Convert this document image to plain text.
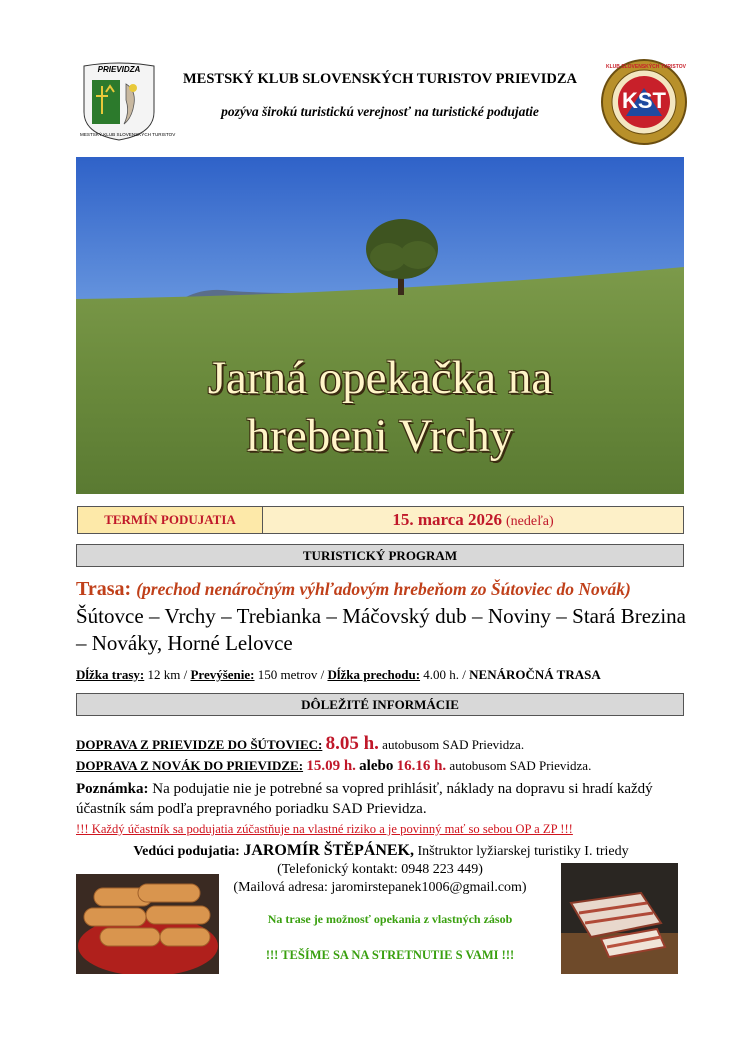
PRIEVIDZA
MESTSKÝ KLUB SLOVENSKÝCH TURISTOV
MESTSKÝ KLUB SLOVENSKÝCH TURISTOV PRIEVIDZA
pozýva širokú turistickú verejnosť na turistické podujatie	KST
KLUB SLOVENSKÝCH TURISTOV
Jarná opekačka na
hrebeni Vrchy
TERMÍN PODUJATIA	15. marca 2026 (nedeľa)
TURISTICKÝ PROGRAM
Trasa: (prechod nenáročným výhľadovým hrebeňom zo Šútoviec do Novák)
Šútovce – Vrchy – Trebianka – Máčovský dub – Noviny – Stará Brezina – Nováky, Horné Lelovce
Dĺžka trasy: 12 km / Prevýšenie: 150 metrov / Dĺžka prechodu: 4.00 h. / NENÁROČNÁ TRASA
DÔLEŽITÉ INFORMÁCIE
DOPRAVA Z PRIEVIDZE DO ŠÚTOVIEC: 8.05 h. autobusom SAD Prievidza.
DOPRAVA Z NOVÁK DO PRIEVIDZE: 15.09 h. alebo 16.16 h. autobusom SAD Prievidza.
Poznámka: Na podujatie nie je potrebné sa vopred prihlásiť, náklady na dopravu si hradí každý účastník sám podľa prepravného poriadku SAD Prievidza.
!!! Každý účastník sa podujatia zúčastňuje na vlastné riziko a je povinný mať so sebou OP a ZP !!!
Vedúci podujatia: JAROMÍR ŠTĚPÁNEK, Inštruktor lyžiarskej turistiky I. triedy
(Telefonický kontakt: 0948 223 449)
(Mailová adresa: jaromirstepanek1006@gmail.com)
Na trase je možnosť opekania z vlastných zásob
!!! TEŠÍME SA NA STRETNUTIE S VAMI !!!
